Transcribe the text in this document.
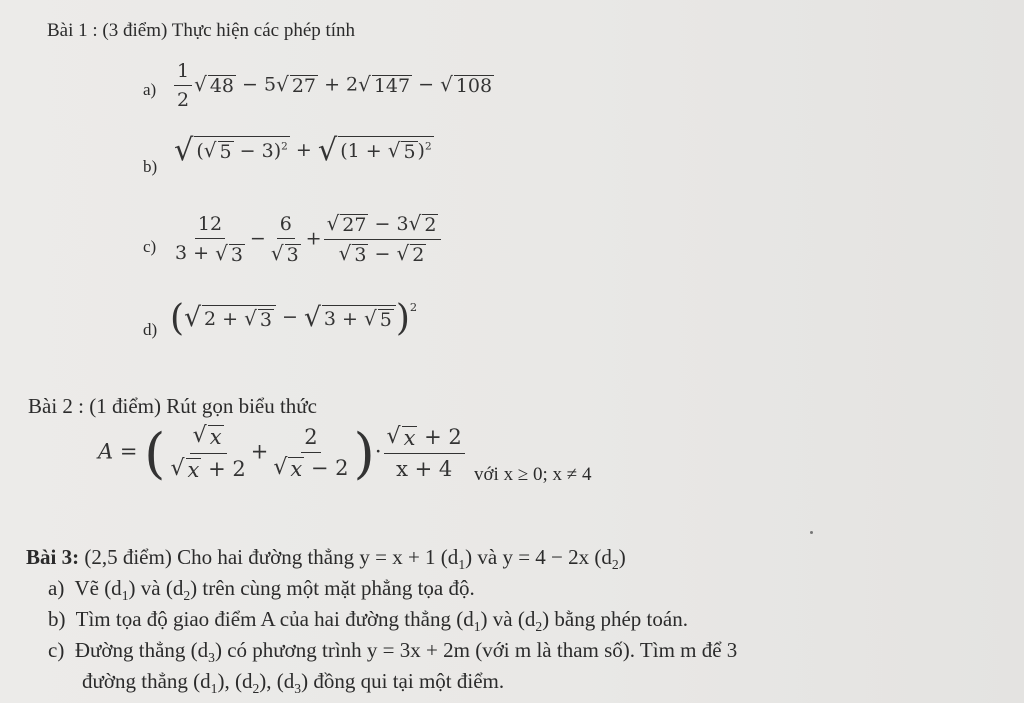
Bài 1 : (3 điểm) Thực hiện các phép tính
$a) \frac{1}{2}$ √ 48 − 5 √ 27 + 2 √ 147 − √ 108
b) √ ( √ 5 − 3)$^2$ + √ (1 + √ 5 )$^2$
$c) \frac{12}{3 + √ 3} - \frac{6}{√ 3} + \frac{√ 27 - 3 √ 2}{√ 3 - √ 2}$
d) ( √ 2 + √ 3 − √ 3 + √ 5 )$^2$
Bài 2 : (1 điểm) Rút gọn biểu thức
A = ( $\frac{√ x}{√ x + 2} + \frac{2}{√ x - 2}$ )· $\frac{√ x + 2}{x + 4}$ với x ≥ 0; x ≠ 4
Bài 3: (2,5 điểm) Cho hai đường thẳng y = x + 1 $(d_1)$ và y = 4 − 2x $(d_2)$
a) Vẽ $(d_1)$ và $(d_2)$ trên cùng một mặt phẳng tọa độ.
b) Tìm tọa độ giao điểm A của hai đường thẳng $(d_1)$ và $(d_2)$ bằng phép toán.
c) Đường thẳng $(d_3)$ có phương trình y = 3x + 2m (với m là tham số). Tìm m để 3
đường thẳng $(d_1)$, $(d_2)$, $(d_3)$ đồng qui tại một điểm.
